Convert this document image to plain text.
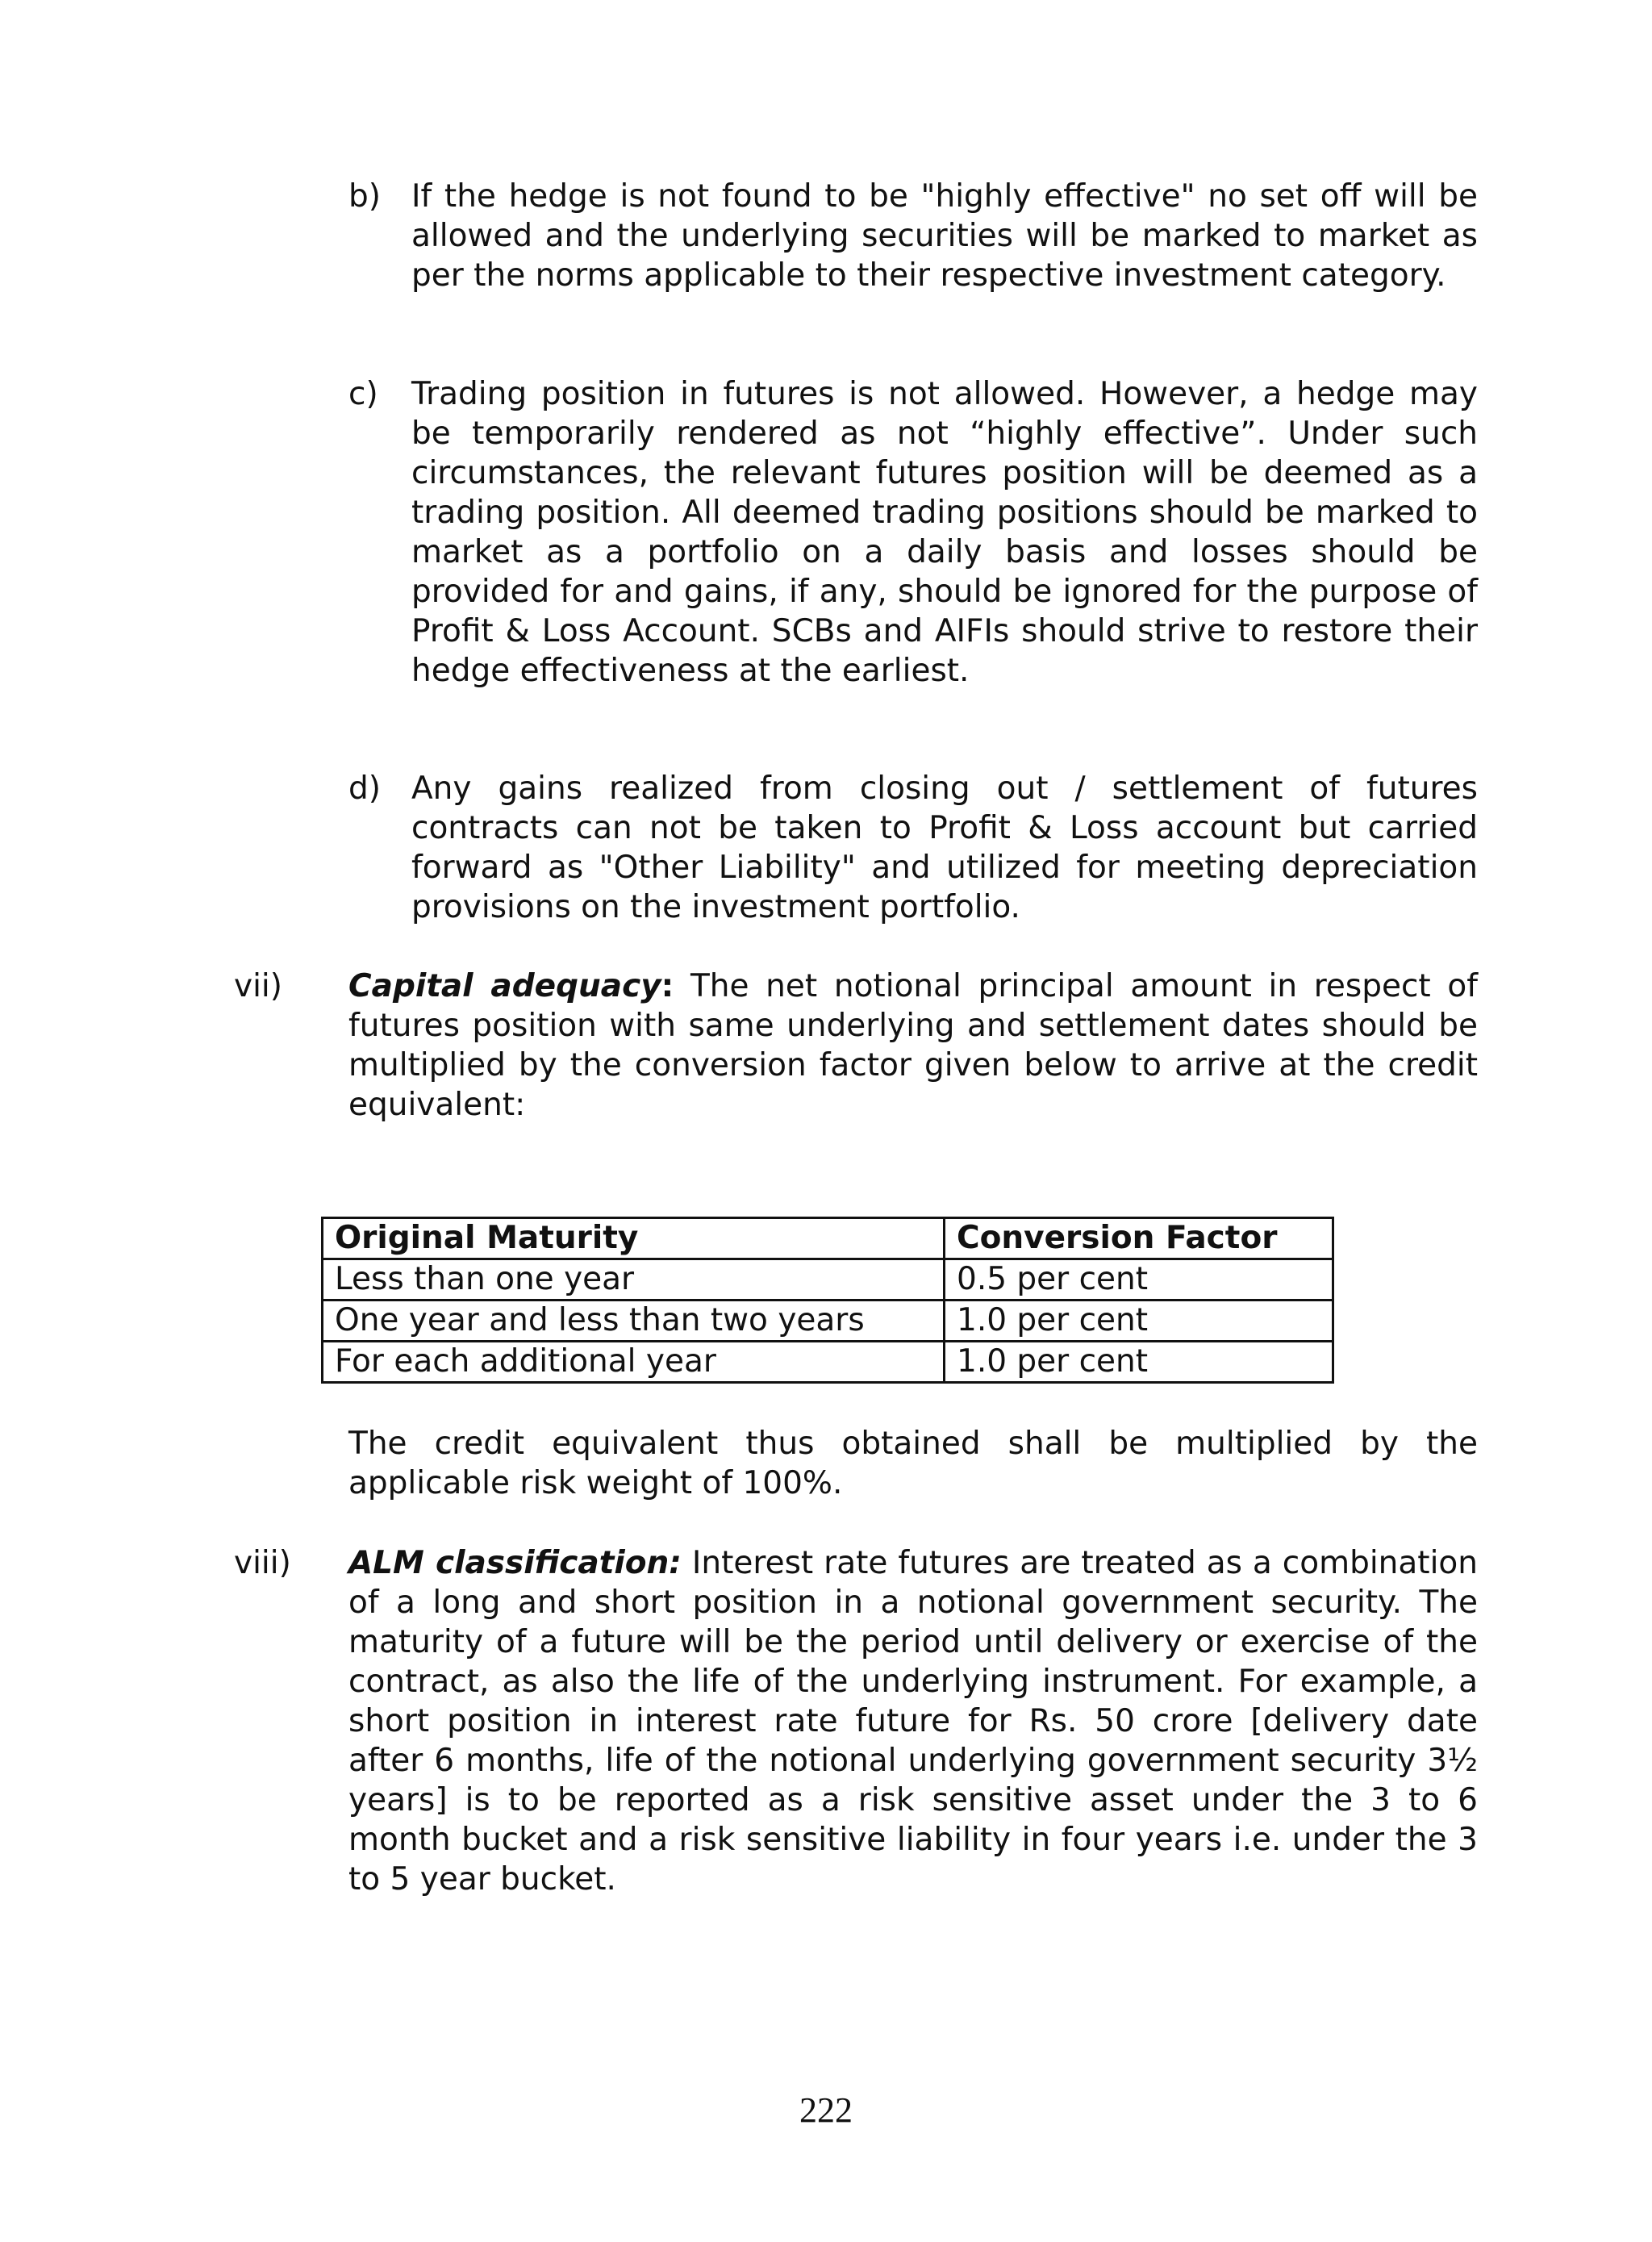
b) If the hedge is not found to be "highly effective" no set off will be allowed and the underlying securities will be marked to market as per the norms applicable to their respective investment category.

c) Trading position in futures is not allowed. However, a hedge may be temporarily rendered as not “highly effective”. Under such circumstances, the relevant futures position will be deemed as a trading position. All deemed trading positions should be marked to market as a portfolio on a daily basis and losses should be provided for and gains, if any, should be ignored for the purpose of Profit & Loss Account. SCBs and AIFIs should strive to restore their hedge effectiveness at the earliest.

d) Any gains realized from closing out / settlement of futures contracts can not be taken to Profit & Loss account but carried forward as "Other Liability" and utilized for meeting depreciation provisions on the investment portfolio.

vii) Capital adequacy: The net notional principal amount in respect of futures position with same underlying and settlement dates should be multiplied by the conversion factor given below to arrive at the credit equivalent:

Original Maturity	Conversion Factor
Less than one year	0.5 per cent
One year and less than two years	1.0 per cent
For each additional year	1.0 per cent

The credit equivalent thus obtained shall be multiplied by the applicable risk weight of 100%.

viii) ALM classification: Interest rate futures are treated as a combination of a long and short position in a notional government security. The maturity of a future will be the period until delivery or exercise of the contract, as also the life of the underlying instrument. For example, a short position in interest rate future for Rs. 50 crore [delivery date after 6 months, life of the notional underlying government security 3½ years] is to be reported as a risk sensitive asset under the 3 to 6 month bucket and a risk sensitive liability in four years i.e. under the 3 to 5 year bucket.

222
